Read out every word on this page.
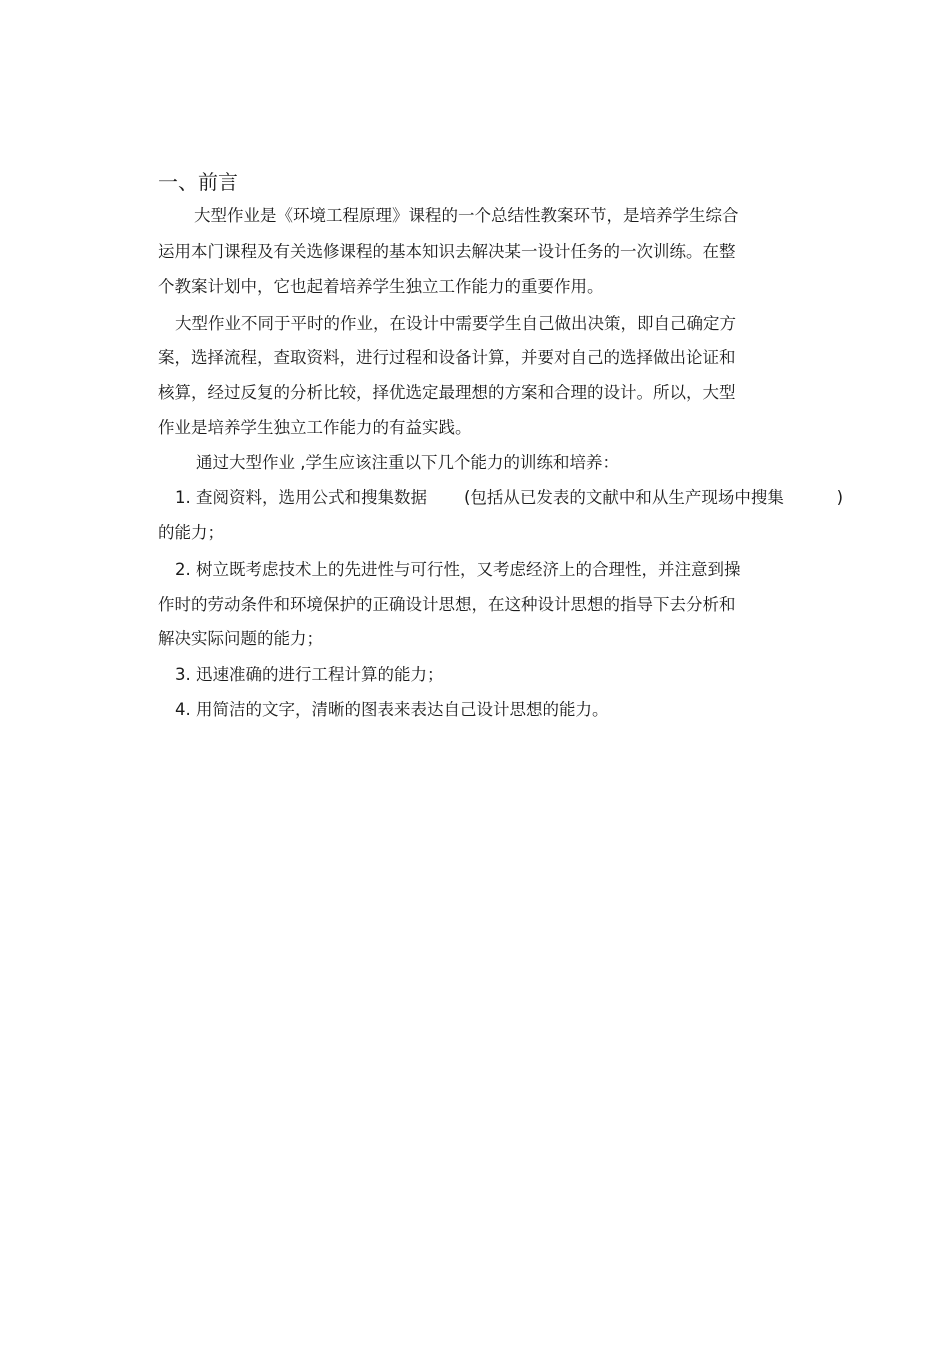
一、前言
大型作业是《环境工程原理》课程的一个总结性教案环节，是培养学生综合
运用本门课程及有关选修课程的基本知识去解决某一设计任务的一次训练。在整
个教案计划中，它也起着培养学生独立工作能力的重要作用。
大型作业不同于平时的作业，在设计中需要学生自己做出决策，即自己确定方
案，选择流程，查取资料，进行过程和设备计算，并要对自己的选择做出论证和
核算，经过反复的分析比较，择优选定最理想的方案和合理的设计。所以，大型
作业是培养学生独立工作能力的有益实践。
通过大型作业 ,学生应该注重以下几个能力的训练和培养：
1. 查阅资料，选用公式和搜集数据 (包括从已发表的文献中和从生产现场中搜集	)
的能力；
2. 树立既考虑技术上的先进性与可行性，又考虑经济上的合理性，并注意到操
作时的劳动条件和环境保护的正确设计思想，在这种设计思想的指导下去分析和
解决实际问题的能力；
3. 迅速准确的进行工程计算的能力；
4. 用简洁的文字，清晰的图表来表达自己设计思想的能力。
